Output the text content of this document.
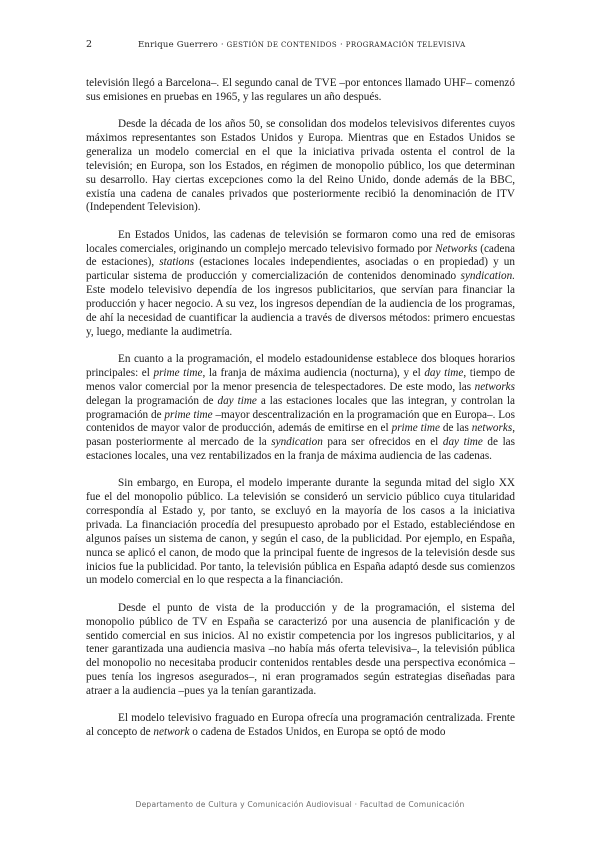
2	Enrique Guerrero · GESTIÓN DE CONTENIDOS · PROGRAMACIÓN TELEVISIVA

televisión llegó a Barcelona–. El segundo canal de TVE –por entonces llamado UHF– comenzó sus emisiones en pruebas en 1965, y las regulares un año después.

Desde la década de los años 50, se consolidan dos modelos televisivos diferentes cuyos máximos representantes son Estados Unidos y Europa. Mientras que en Estados Unidos se generaliza un modelo comercial en el que la iniciativa privada ostenta el control de la televisión; en Europa, son los Estados, en régimen de monopolio público, los que determinan su desarrollo. Hay ciertas excepciones como la del Reino Unido, donde además de la BBC, existía una cadena de canales privados que posteriormente recibió la denominación de ITV (Independent Television).

En Estados Unidos, las cadenas de televisión se formaron como una red de emisoras locales comerciales, originando un complejo mercado televisivo formado por Networks (cadena de estaciones), stations (estaciones locales independientes, asociadas o en propiedad) y un particular sistema de producción y comercialización de contenidos denominado syndication. Este modelo televisivo dependía de los ingresos publicitarios, que servían para financiar la producción y hacer negocio. A su vez, los ingresos dependían de la audiencia de los programas, de ahí la necesidad de cuantificar la audiencia a través de diversos métodos: primero encuestas y, luego, mediante la audimetría.

En cuanto a la programación, el modelo estadounidense establece dos bloques horarios principales: el prime time, la franja de máxima audiencia (nocturna), y el day time, tiempo de menos valor comercial por la menor presencia de telespectadores. De este modo, las networks delegan la programación de day time a las estaciones locales que las integran, y controlan la programación de prime time –mayor descentralización en la programación que en Europa–. Los contenidos de mayor valor de producción, además de emitirse en el prime time de las networks, pasan posteriormente al mercado de la syndication para ser ofrecidos en el day time de las estaciones locales, una vez rentabilizados en la franja de máxima audiencia de las cadenas.

Sin embargo, en Europa, el modelo imperante durante la segunda mitad del siglo XX fue el del monopolio público. La televisión se consideró un servicio público cuya titularidad correspondía al Estado y, por tanto, se excluyó en la mayoría de los casos a la iniciativa privada. La financiación procedía del presupuesto aprobado por el Estado, estableciéndose en algunos países un sistema de canon, y según el caso, de la publicidad. Por ejemplo, en España, nunca se aplicó el canon, de modo que la principal fuente de ingresos de la televisión desde sus inicios fue la publicidad. Por tanto, la televisión pública en España adaptó desde sus comienzos un modelo comercial en lo que respecta a la financiación.

Desde el punto de vista de la producción y de la programación, el sistema del monopolio público de TV en España se caracterizó por una ausencia de planificación y de sentido comercial en sus inicios. Al no existir competencia por los ingresos publicitarios, y al tener garantizada una audiencia masiva –no había más oferta televisiva–, la televisión pública del monopolio no necesitaba producir contenidos rentables desde una perspectiva económica –pues tenía los ingresos asegurados–, ni eran programados según estrategias diseñadas para atraer a la audiencia –pues ya la tenían garantizada.

El modelo televisivo fraguado en Europa ofrecía una programación centralizada. Frente al concepto de network o cadena de Estados Unidos, en Europa se optó de modo

Departamento de Cultura y Comunicación Audiovisual · Facultad de Comunicación
